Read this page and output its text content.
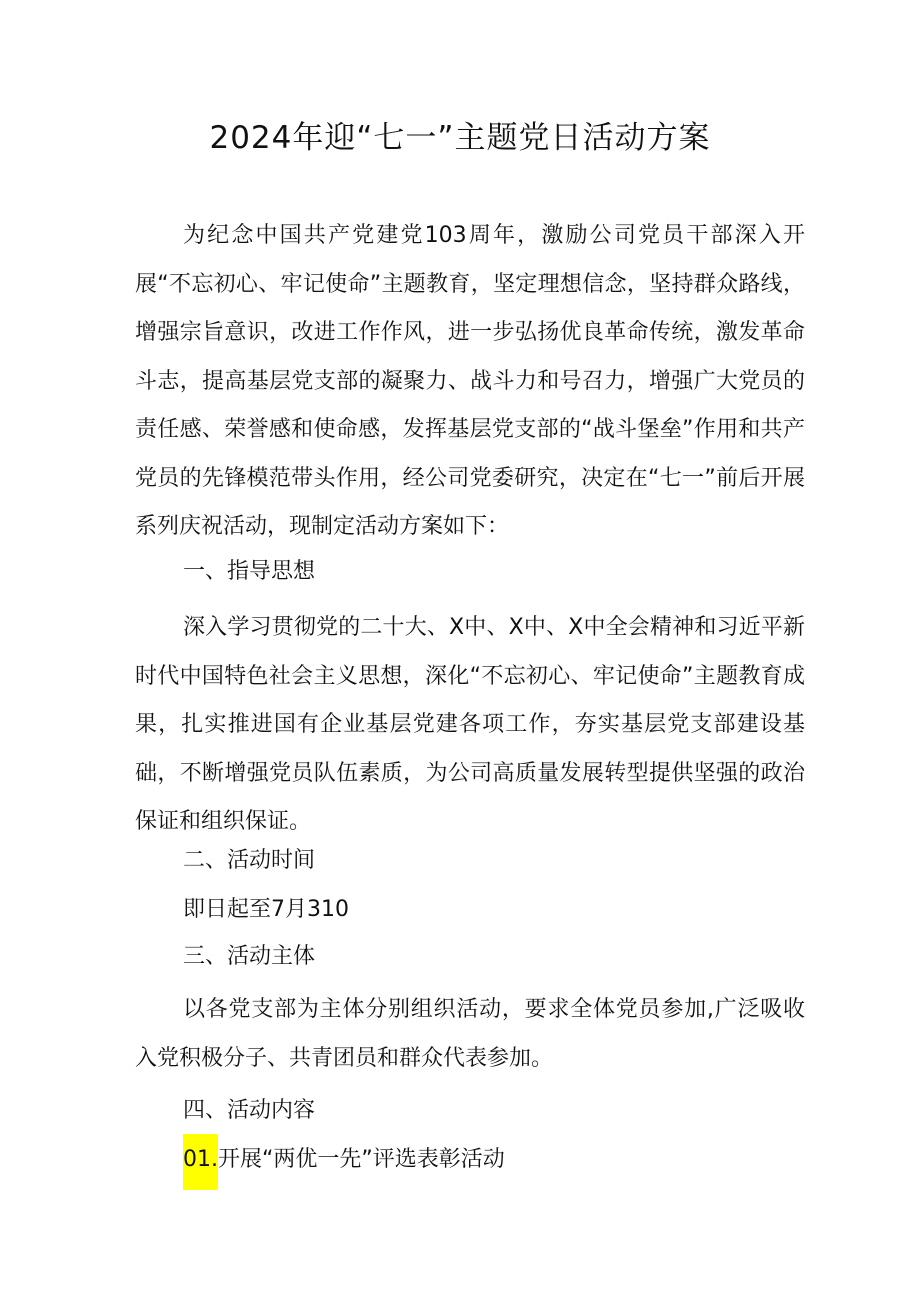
2024年迎“七一”主题党日活动方案

为纪念中国共产党建党103周年，激励公司党员干部深入开展“不忘初心、牢记使命”主题教育，坚定理想信念，坚持群众路线，增强宗旨意识，改进工作作风，进一步弘扬优良革命传统，激发革命斗志，提高基层党支部的凝聚力、战斗力和号召力，增强广大党员的责任感、荣誉感和使命感，发挥基层党支部的“战斗堡垒”作用和共产党员的先锋模范带头作用，经公司党委研究，决定在“七一”前后开展系列庆祝活动，现制定活动方案如下：

一、指导思想

深入学习贯彻党的二十大、X中、X中、X中全会精神和习近平新时代中国特色社会主义思想，深化“不忘初心、牢记使命”主题教育成果，扎实推进国有企业基层党建各项工作，夯实基层党支部建设基础，不断增强党员队伍素质，为公司高质量发展转型提供坚强的政治保证和组织保证。

二、活动时间
即日起至7月310
三、活动主体

以各党支部为主体分别组织活动，要求全体党员参加,广泛吸收入党积极分子、共青团员和群众代表参加。

四、活动内容
01.开展“两优一先”评选表彰活动
